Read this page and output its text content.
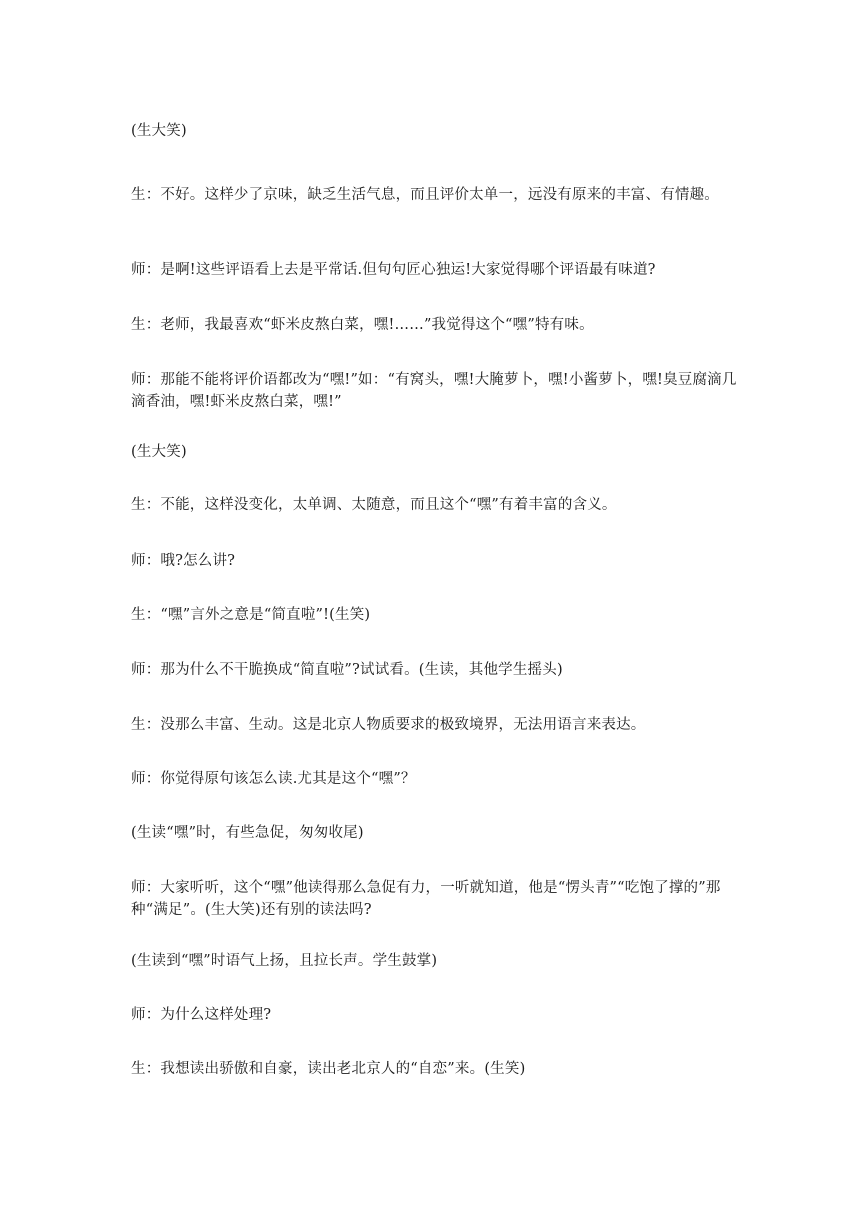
(生大笑)

生：不好。这样少了京味，缺乏生活气息，而且评价太单一，远没有原来的丰富、有情趣。

师：是啊!这些评语看上去是平常话.但句句匠心独运!大家觉得哪个评语最有味道?

生：老师，我最喜欢“虾米皮熬白菜，嘿!……”我觉得这个“嘿”特有味。

师：那能不能将评价语都改为“嘿!”如：“有窝头，嘿!大腌萝卜，嘿!小酱萝卜，嘿!臭豆腐滴几滴香油，嘿!虾米皮熬白菜，嘿!”

(生大笑)

生：不能，这样没变化，太单调、太随意，而且这个“嘿”有着丰富的含义。

师：哦?怎么讲?

生：“嘿”言外之意是“简直啦”!(生笑)

师：那为什么不干脆换成“简直啦”?试试看。(生读，其他学生摇头)

生：没那么丰富、生动。这是北京人物质要求的极致境界，无法用语言来表达。

师：你觉得原句该怎么读.尤其是这个“嘿”？

(生读“嘿”时，有些急促，匆匆收尾)

师：大家听听，这个“嘿”他读得那么急促有力，一听就知道，他是“愣头青”“吃饱了撑的”那种“满足”。(生大笑)还有别的读法吗?

(生读到“嘿”时语气上扬，且拉长声。学生鼓掌)

师：为什么这样处理?

生：我想读出骄傲和自豪，读出老北京人的“自恋”来。(生笑)
